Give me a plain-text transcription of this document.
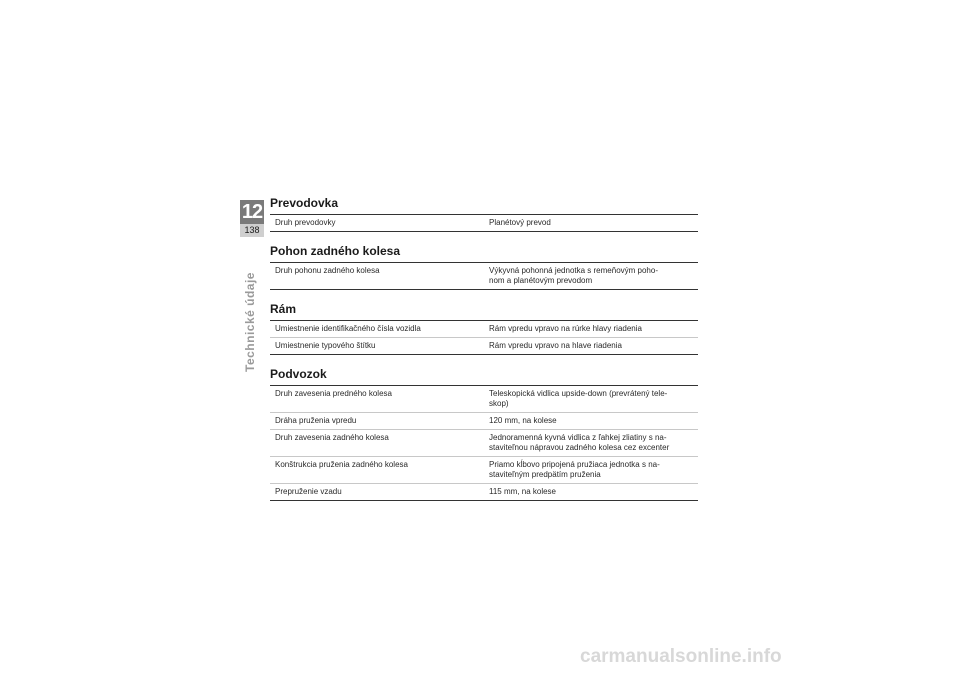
12
138
Technické údaje
Prevodovka
Druh prevodovky	Planétový prevod
Pohon zadného kolesa
Druh pohonu zadného kolesa	Výkyvná pohonná jednotka s remeňovým poho-
nom a planétovým prevodom
Rám
Umiestnenie identifikačného čísla vozidla	Rám vpredu vpravo na rúrke hlavy riadenia
Umiestnenie typového štítku	Rám vpredu vpravo na hlave riadenia
Podvozok
Druh zavesenia predného kolesa	Teleskopická vidlica upside-down (prevrátený tele-
skop)
Dráha pruženia vpredu	120 mm, na kolese
Druh zavesenia zadného kolesa	Jednoramenná kyvná vidlica z ľahkej zliatiny s na-
staviteľnou nápravou zadného kolesa cez excenter
Konštrukcia pruženia zadného kolesa	Priamo kĺbovo pripojená pružiaca jednotka s na-
staviteľným predpätím pruženia
Prepruženie vzadu	115 mm, na kolese
carmanualsonline.info
